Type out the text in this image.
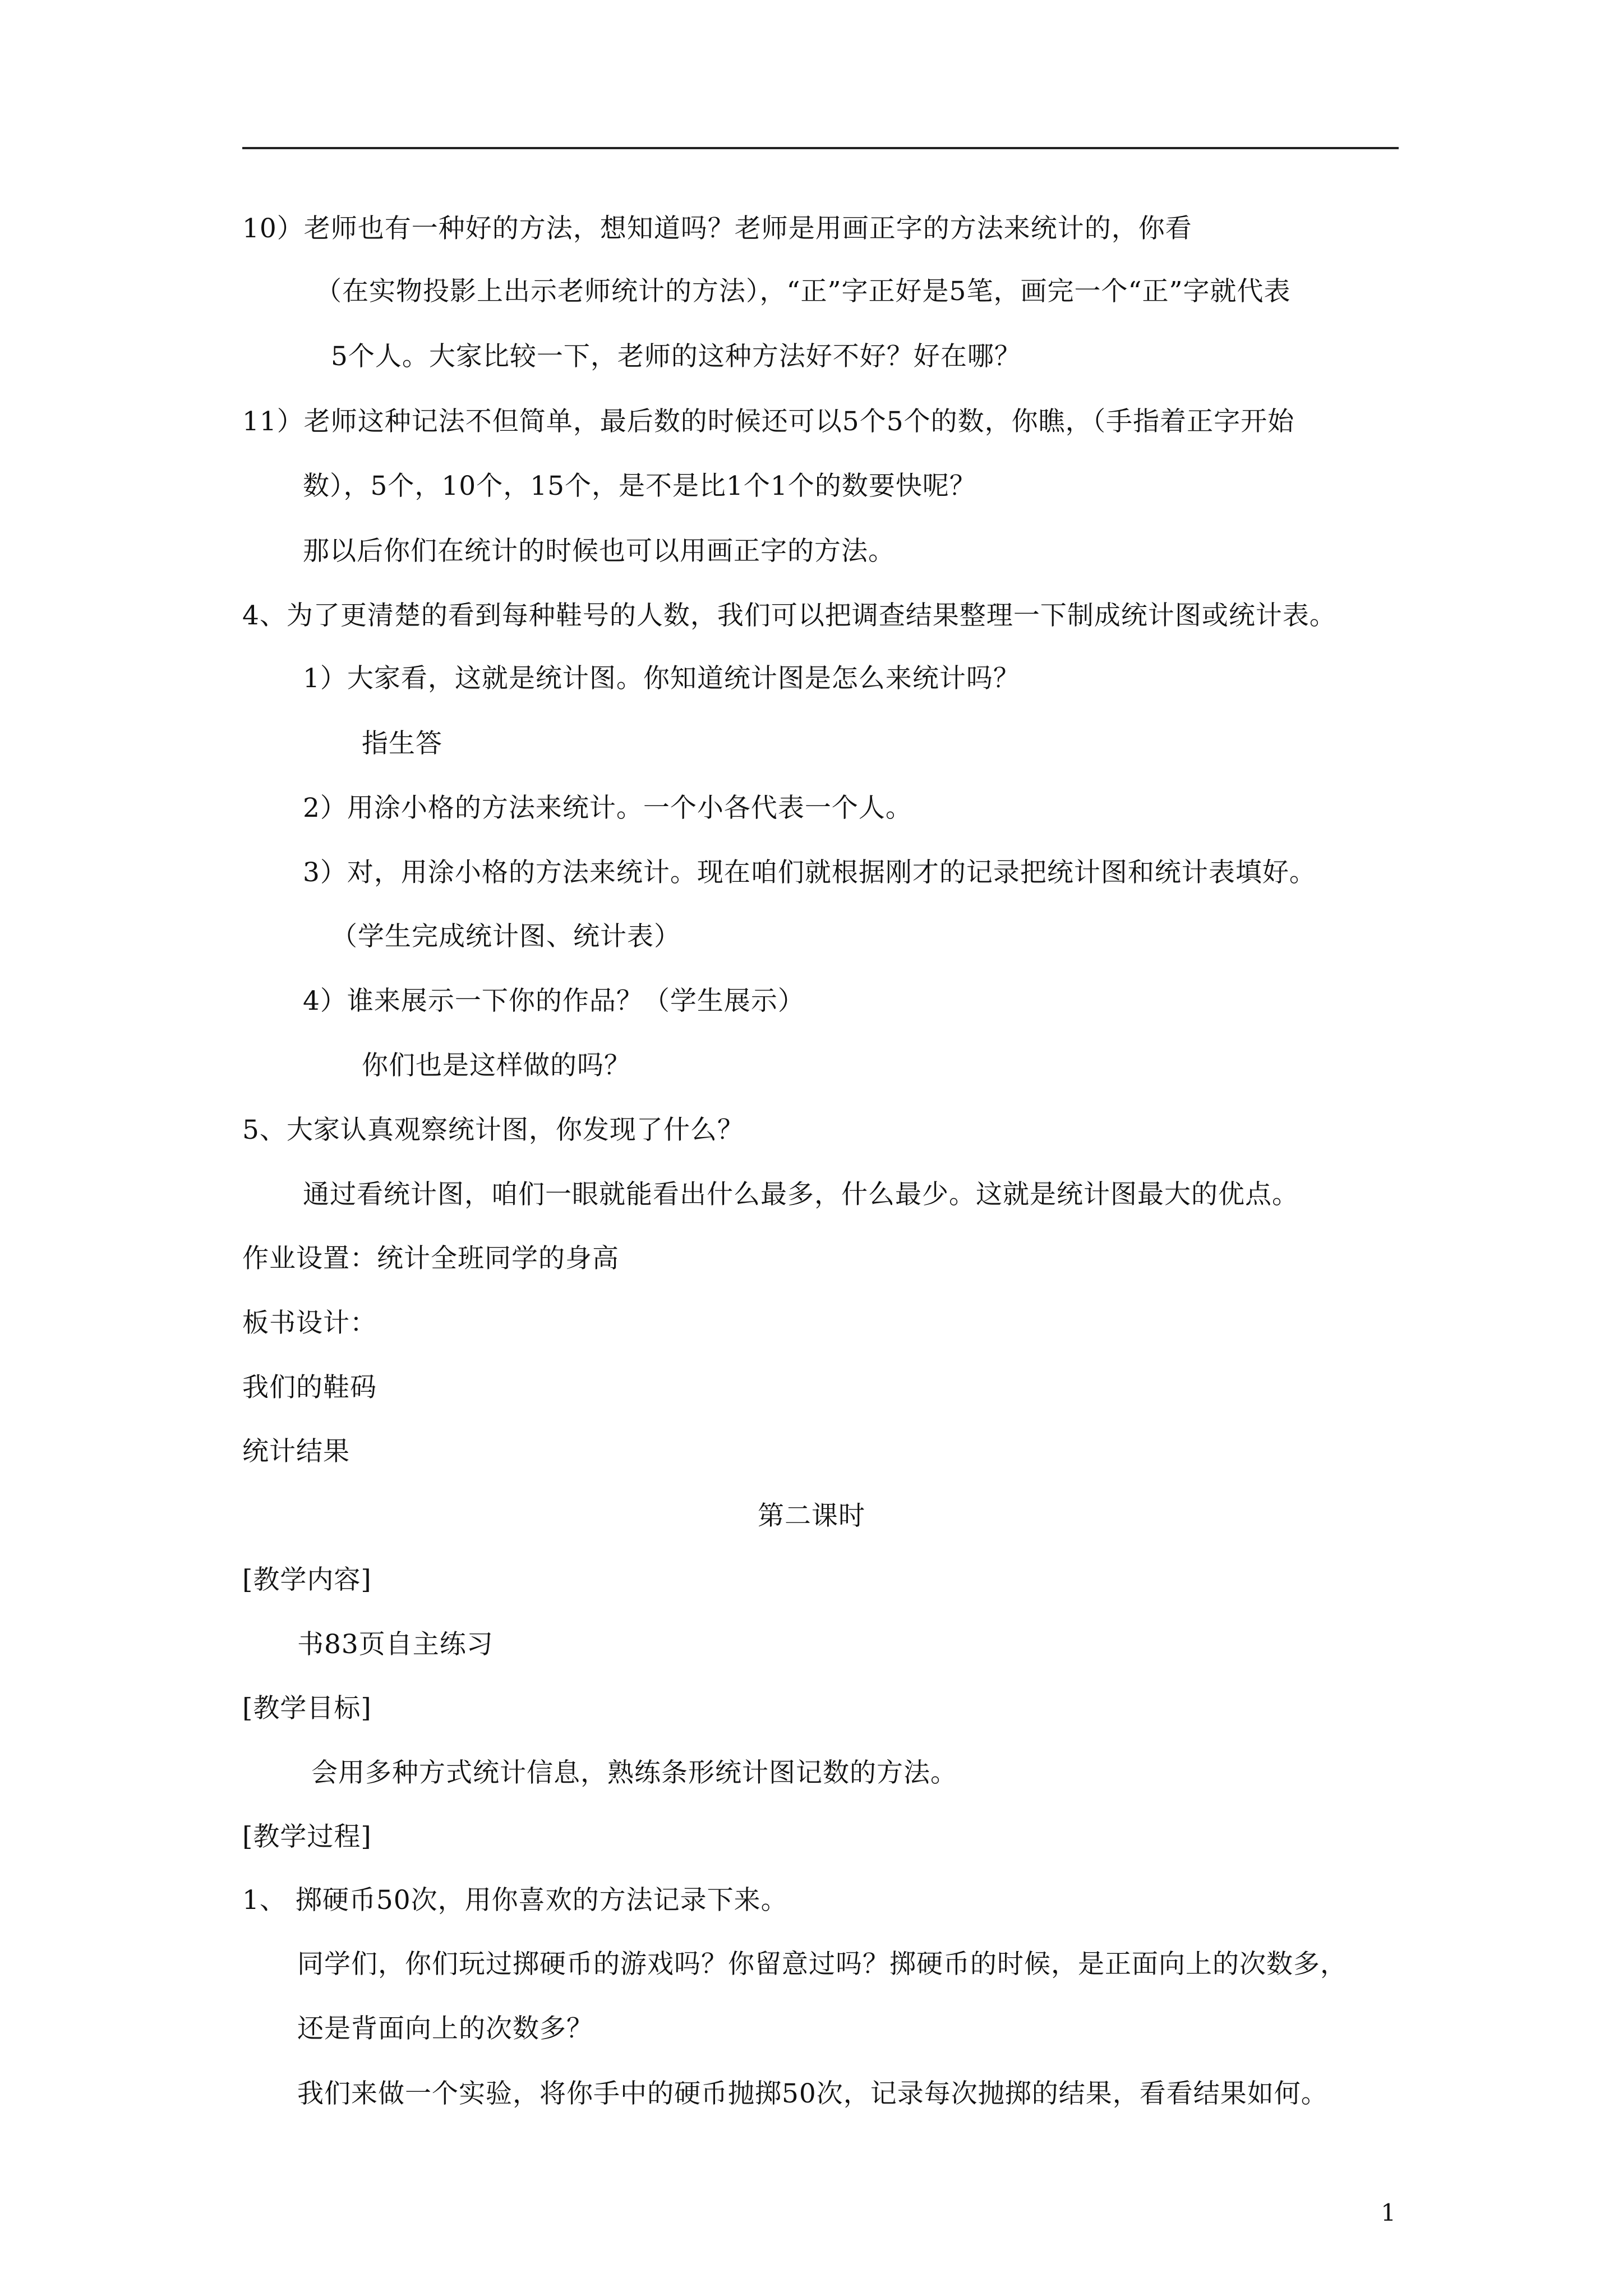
10）老师也有一种好的方法，想知道吗？老师是用画正字的方法来统计的，你看
（在实物投影上出示老师统计的方法），“正”字正好是5笔，画完一个“正”字就代表
5个人。大家比较一下，老师的这种方法好不好？好在哪？
11）老师这种记法不但简单，最后数的时候还可以5个5个的数，你瞧，（手指着正字开始
数），5个，10个，15个，是不是比1个1个的数要快呢？
那以后你们在统计的时候也可以用画正字的方法。
4、为了更清楚的看到每种鞋号的人数，我们可以把调查结果整理一下制成统计图或统计表。
1）大家看，这就是统计图。你知道统计图是怎么来统计吗？
指生答
2）用涂小格的方法来统计。一个小各代表一个人。
3）对，用涂小格的方法来统计。现在咱们就根据刚才的记录把统计图和统计表填好。
（学生完成统计图、统计表）
4）谁来展示一下你的作品？（学生展示）
你们也是这样做的吗？
5、大家认真观察统计图，你发现了什么？
通过看统计图，咱们一眼就能看出什么最多，什么最少。这就是统计图最大的优点。
作业设置：统计全班同学的身高
板书设计：
我们的鞋码
统计结果
第二课时
[教学内容]
书83页自主练习
[教学目标]
会用多种方式统计信息，熟练条形统计图记数的方法。
[教学过程]
1、 掷硬币50次，用你喜欢的方法记录下来。
同学们，你们玩过掷硬币的游戏吗？你留意过吗？掷硬币的时候，是正面向上的次数多，
还是背面向上的次数多？
我们来做一个实验，将你手中的硬币抛掷50次，记录每次抛掷的结果，看看结果如何。
1
